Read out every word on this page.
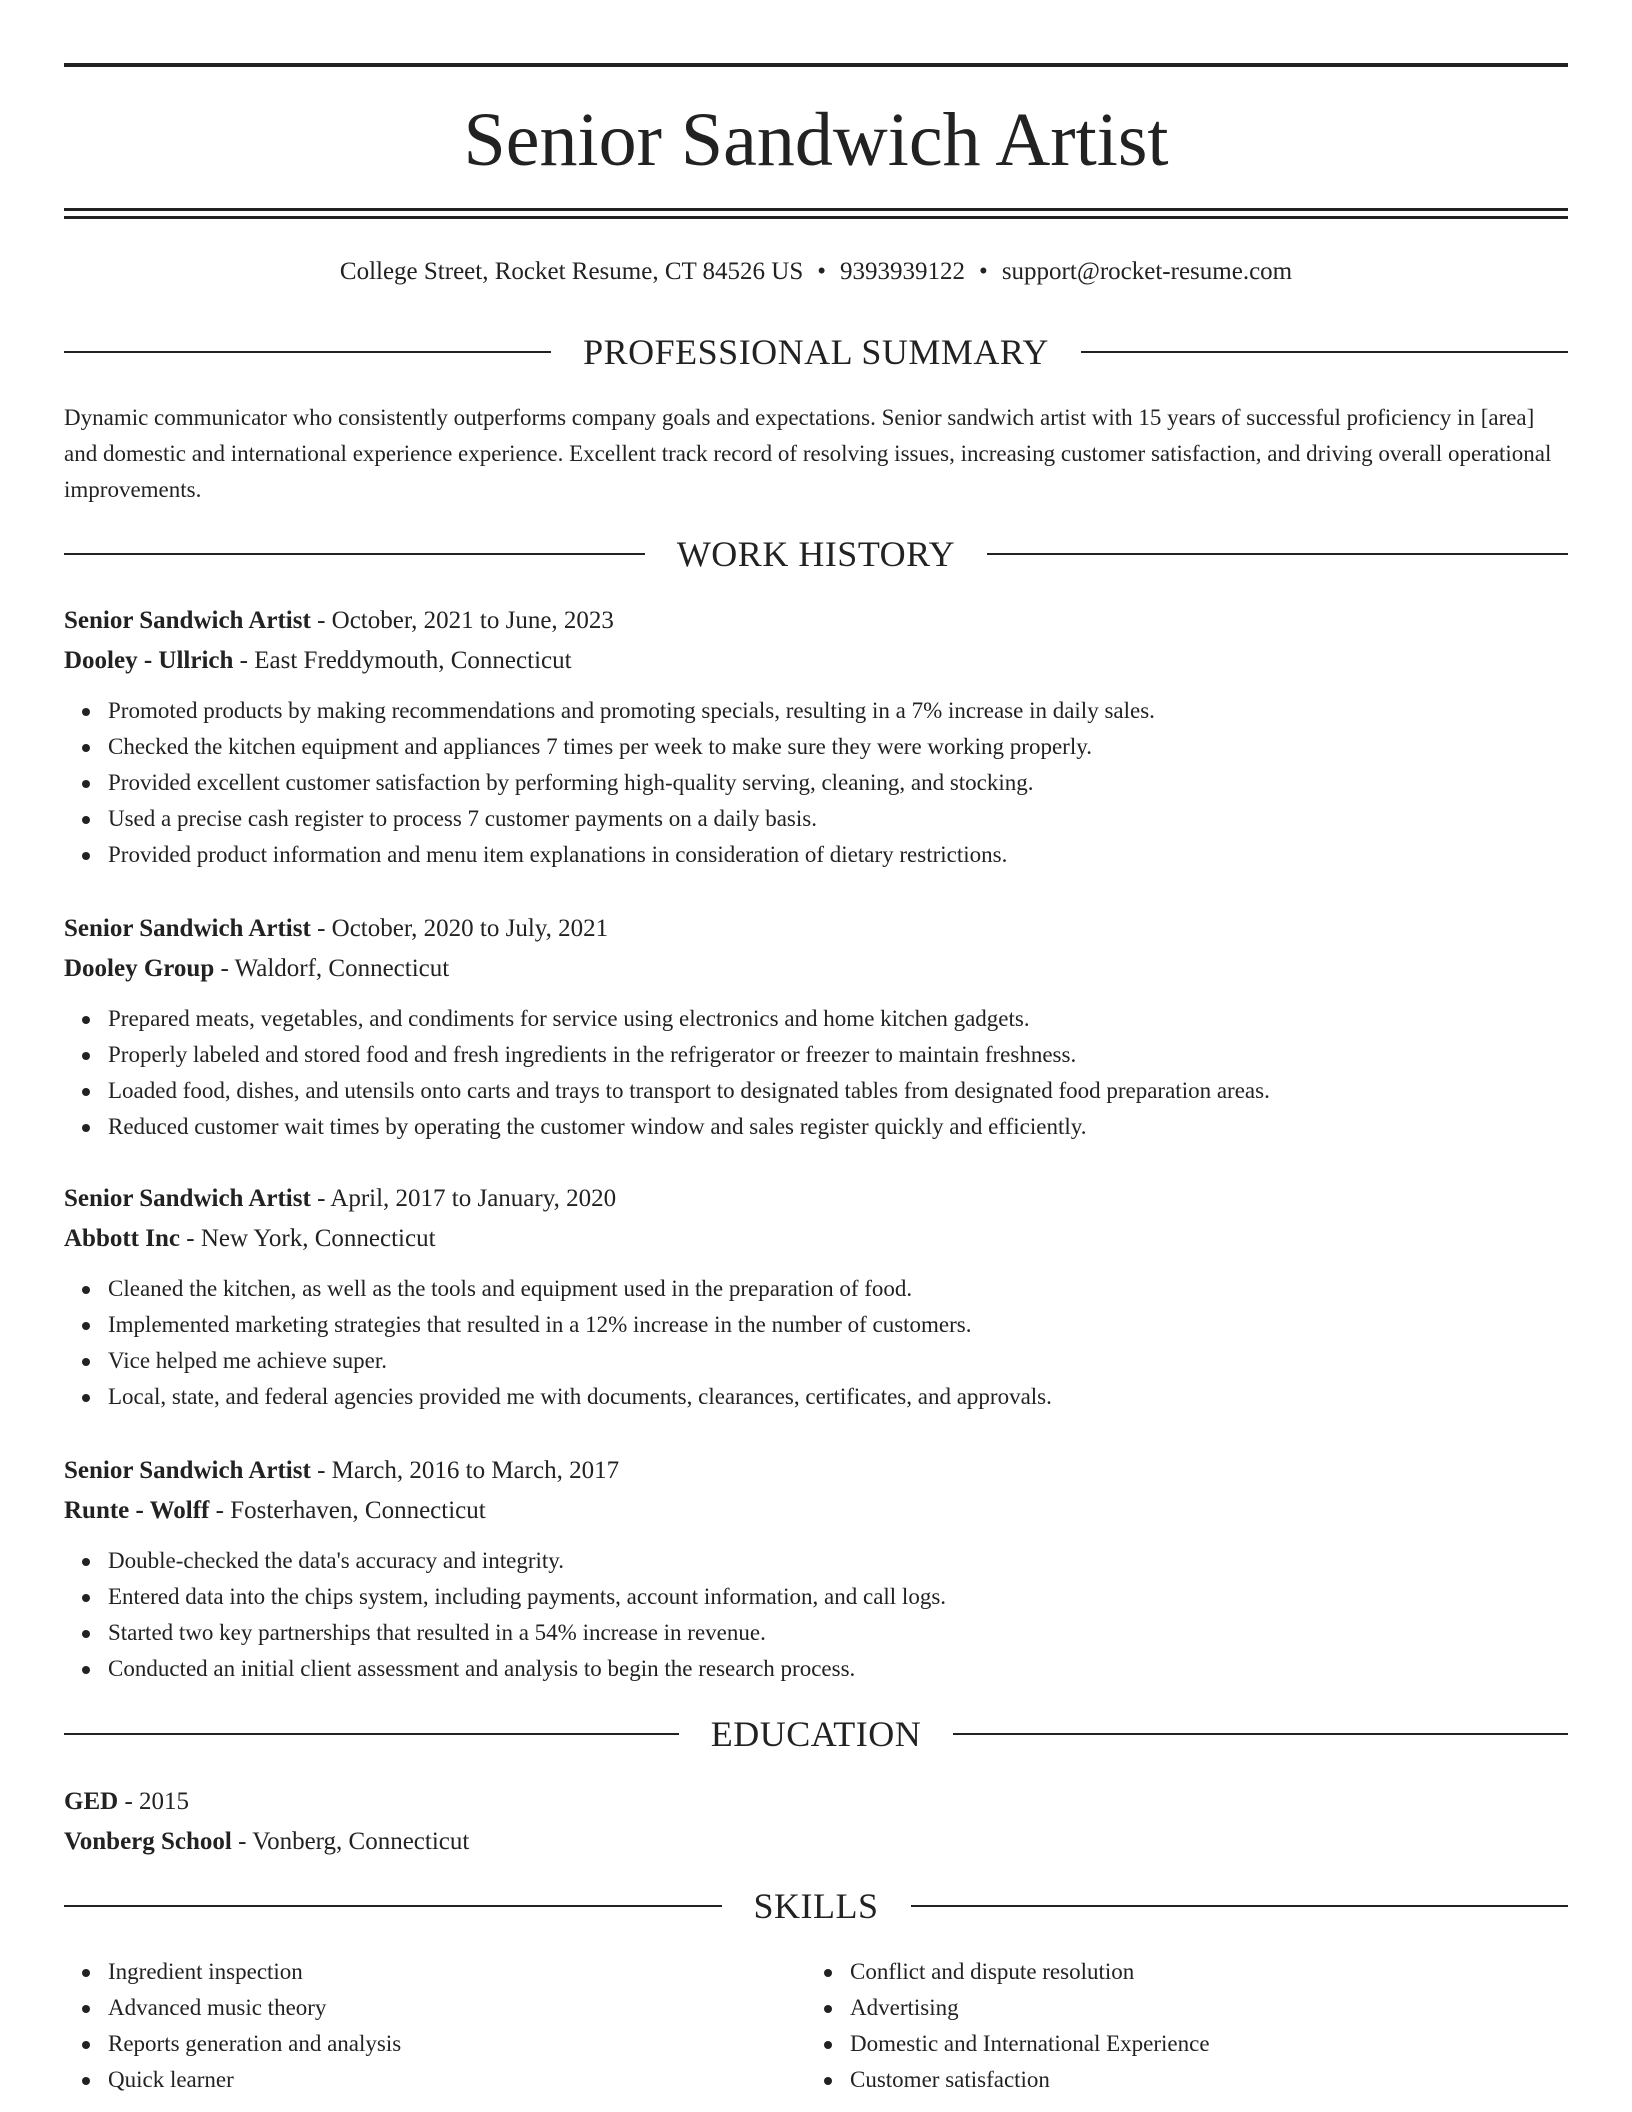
Senior Sandwich Artist
College Street, Rocket Resume, CT 84526 US • 9393939122 • support@rocket-resume.com
PROFESSIONAL SUMMARY
Dynamic communicator who consistently outperforms company goals and expectations. Senior sandwich artist with 15 years of successful proficiency in [area] and domestic and international experience experience. Excellent track record of resolving issues, increasing customer satisfaction, and driving overall operational improvements.
WORK HISTORY
Senior Sandwich Artist - October, 2021 to June, 2023
Dooley - Ullrich - East Freddymouth, Connecticut
Promoted products by making recommendations and promoting specials, resulting in a 7% increase in daily sales.
Checked the kitchen equipment and appliances 7 times per week to make sure they were working properly.
Provided excellent customer satisfaction by performing high-quality serving, cleaning, and stocking.
Used a precise cash register to process 7 customer payments on a daily basis.
Provided product information and menu item explanations in consideration of dietary restrictions.
Senior Sandwich Artist - October, 2020 to July, 2021
Dooley Group - Waldorf, Connecticut
Prepared meats, vegetables, and condiments for service using electronics and home kitchen gadgets.
Properly labeled and stored food and fresh ingredients in the refrigerator or freezer to maintain freshness.
Loaded food, dishes, and utensils onto carts and trays to transport to designated tables from designated food preparation areas.
Reduced customer wait times by operating the customer window and sales register quickly and efficiently.
Senior Sandwich Artist - April, 2017 to January, 2020
Abbott Inc - New York, Connecticut
Cleaned the kitchen, as well as the tools and equipment used in the preparation of food.
Implemented marketing strategies that resulted in a 12% increase in the number of customers.
Vice helped me achieve super.
Local, state, and federal agencies provided me with documents, clearances, certificates, and approvals.
Senior Sandwich Artist - March, 2016 to March, 2017
Runte - Wolff - Fosterhaven, Connecticut
Double-checked the data's accuracy and integrity.
Entered data into the chips system, including payments, account information, and call logs.
Started two key partnerships that resulted in a 54% increase in revenue.
Conducted an initial client assessment and analysis to begin the research process.
EDUCATION
GED - 2015
Vonberg School - Vonberg, Connecticut
SKILLS
Ingredient inspection
Advanced music theory
Reports generation and analysis
Quick learner
Conflict and dispute resolution
Advertising
Domestic and International Experience
Customer satisfaction
